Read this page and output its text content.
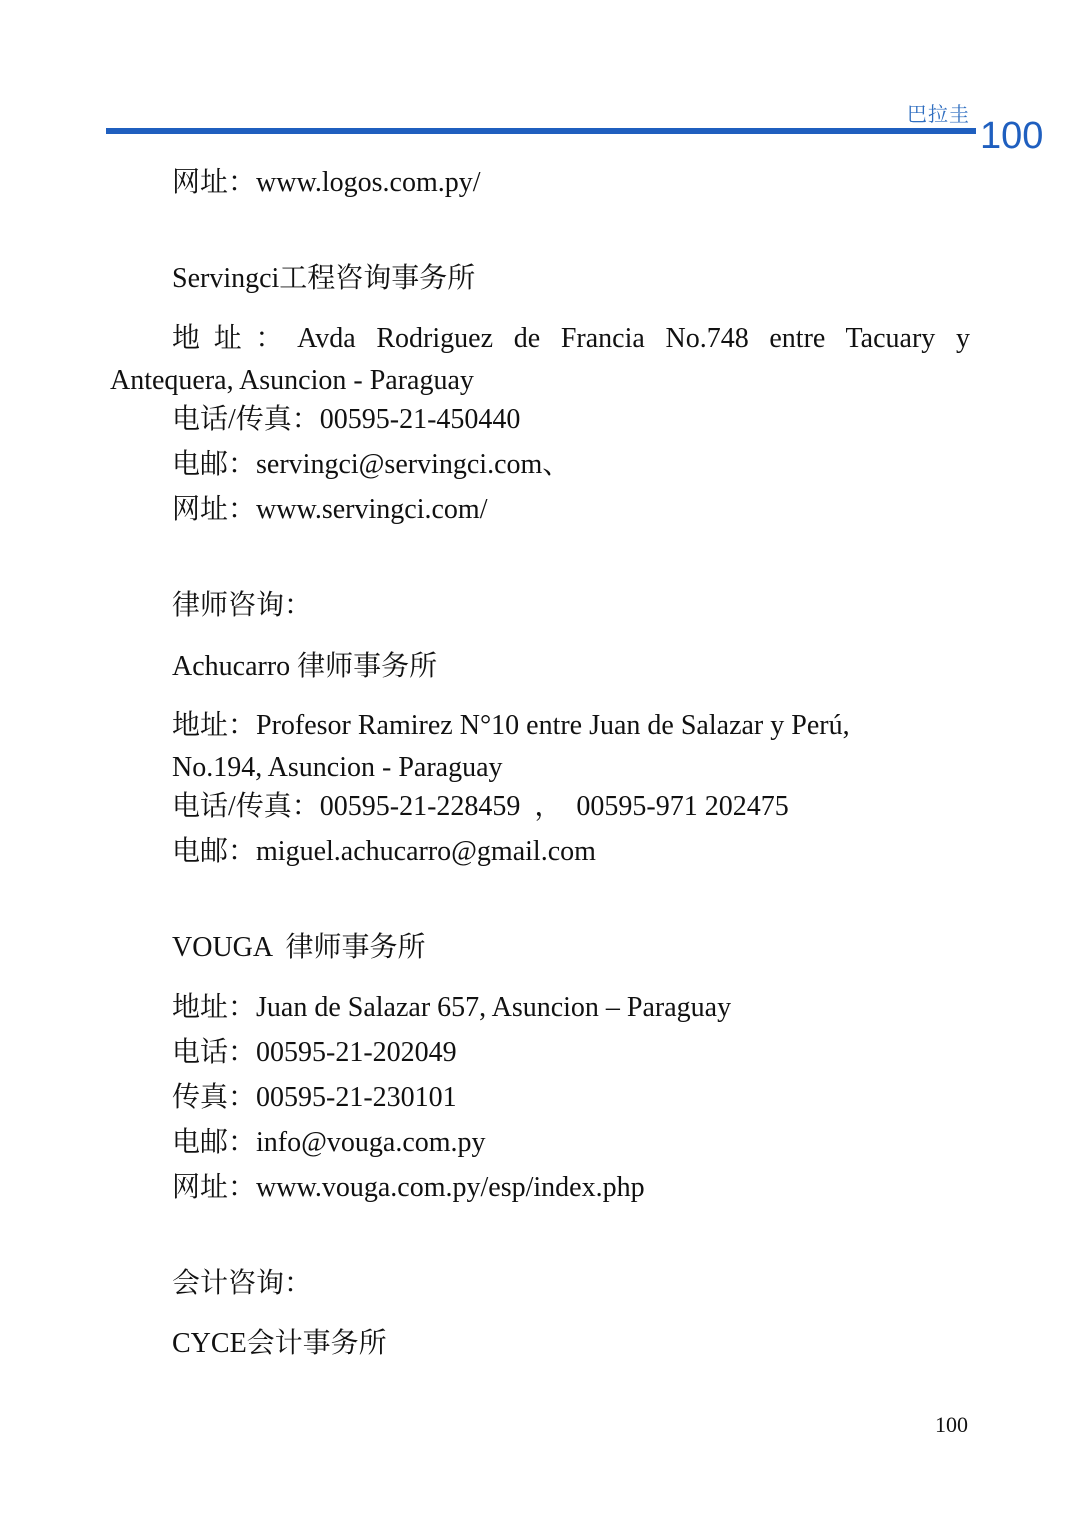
巴拉圭
100
网址：www.logos.com.py/
Servingci工程咨询事务所
地址：Avda Rodriguez de Francia No.748 entre Tacuary y
Antequera, Asuncion - Paraguay
电话/传真：00595-21-450440
电邮：servingci@servingci.com、
网址：www.servingci.com/
律师咨询：
Achucarro 律师事务所
地址：Profesor Ramirez N°10 entre Juan de Salazar y Perú,
No.194, Asuncion - Paraguay
电话/传真：00595-21-228459  ，  00595-971 202475
电邮：miguel.achucarro@gmail.com
VOUGA  律师事务所
地址：Juan de Salazar 657, Asuncion – Paraguay
电话：00595-21-202049
传真：00595-21-230101
电邮：info@vouga.com.py
网址：www.vouga.com.py/esp/index.php
会计咨询：
CYCE会计事务所
100
